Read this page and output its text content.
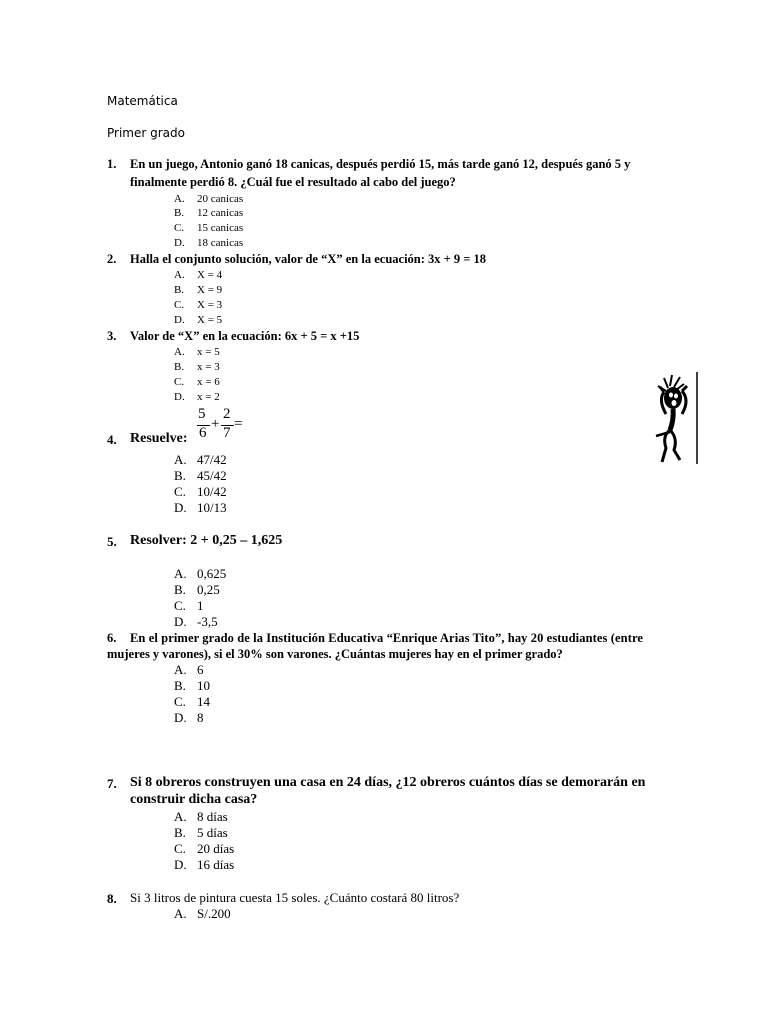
Matemática
Primer grado
1. En un juego, Antonio ganó 18 canicas, después perdió 15, más tarde ganó 12, después ganó 5 y
finalmente perdió 8. ¿Cuál fue el resultado al cabo del juego?
A. 20 canicas
B. 12 canicas
C. 15 canicas
D. 18 canicas
2. Halla el conjunto solución, valor de “X” en la ecuación: 3x + 9 = 18
A. X = 4
B. X = 9
C. X = 3
D. X = 5
3. Valor de “X” en la ecuación: 6x + 5 = x +15
A. x = 5
B. x = 3
C. x = 6
D. x = 2
5
6
+
2
7
=
4. Resuelve:
A. 47/42
B. 45/42
C. 10/42
D. 10/13
5. Resolver: 2 + 0,25 – 1,625
A. 0,625
B. 0,25
C. 1
D. -3,5
6. En el primer grado de la Institución Educativa “Enrique Arias Tito”, hay 20 estudiantes (entre
mujeres y varones), si el 30% son varones. ¿Cuántas mujeres hay en el primer grado?
A. 6
B. 10
C. 14
D. 8
7. Si 8 obreros construyen una casa en 24 días, ¿12 obreros cuántos días se demorarán en
construir dicha casa?
A. 8 días
B. 5 días
C. 20 días
D. 16 días
8. Si 3 litros de pintura cuesta 15 soles. ¿Cuánto costará 80 litros?
A. S/.200
